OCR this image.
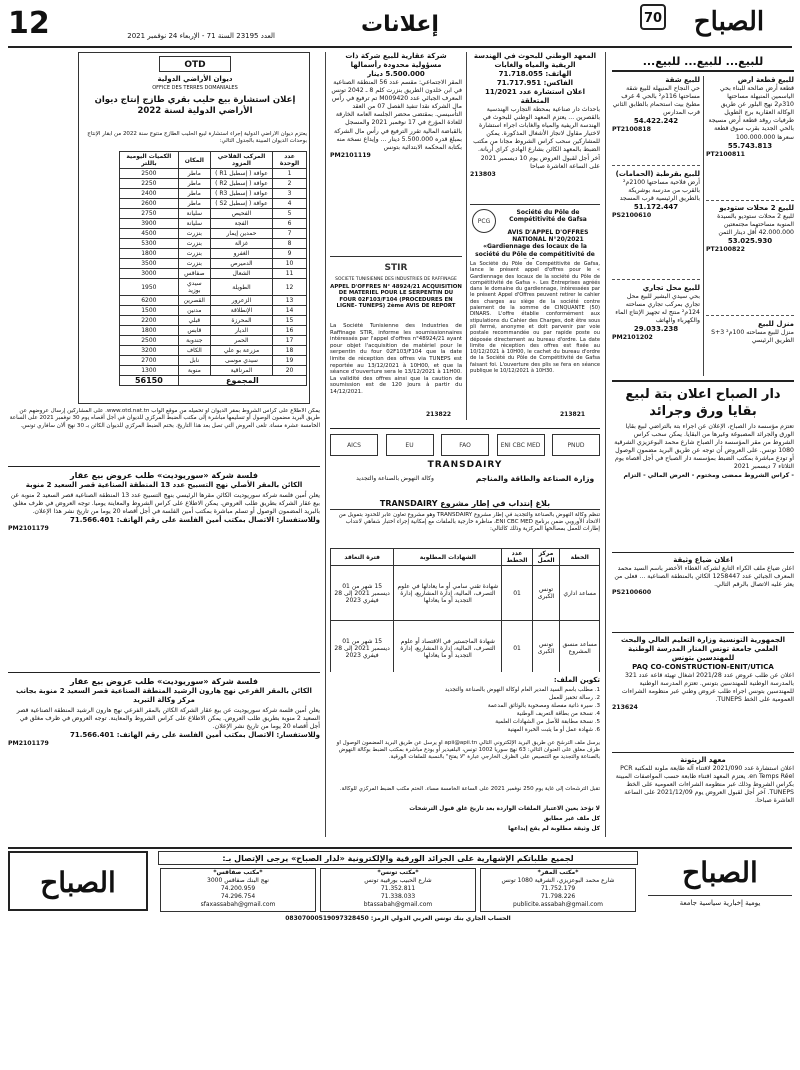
12	العدد 23195 السنة 71 - الإربعاء 24 نوفمبر 2021	إعلانات	70	الصباح
للبيع... للبيع... للبيع...
للبيع قطعة أرض
قطعة أرض صالحة للبناء بحي الياسمين المنيهلة مساحتها 310م2 نهج البلور عن طريق الوكالة العقارية برج الطويل طرفيات روقد قطعة أرض مسيجة بالحي الجديد بقرب سوق قطعة سعرها 100.000.000
55.743.813
PT2100811
للبيع 2 محلات ستوديو
للبيع 2 محلات ستوديو بالسيدة المنوبة مساحتهما مجتمعتين 42.000.000 أقل دينار الثمن
53.025.930
PT2100822
منزل للبيع
منزل للبيع مساحته 100م² S+3 الطريق الرئيسي
للبيع شقة
حي النجاح المنيهلة للبيع شقة مساحتها 116م² بالحي 4 غرف مطبخ بيت استحمام بالطابق الثاني قرب المدارس
54.422.242
PT2100818
للبيع بقرطبة (الحمامات)
أرض فلاحية مساحتها 2100م² بالقرب من مدرسة بوشريكة بالطريق الرئيسية قرب المسجد
51.172.447
PS2100610
للبيع محل تجاري
بحي سيدي البشير للبيع محل تجاري بمركب تجاري مساحته 124م² منتج له تجهيز الإنتاج الماء والكهرباء والهاتف
29.033.238
PM2101202
دار الصباح اعلان بتة لبيع بقايا ورق وجرائد
تعتزم مؤسسة دار الصباح، الإعلان عن اجراء بتة بالتراضي لبيع بقايا الورق والجرائد المصبوغة وغيرها من البقايا. يمكن سحب كراس الشروط من مقر المؤسسة دار الصباح شارع محمد البوعزيزي الشرقية 1080 تونس. على العروض أن توجه عن طريق البريد مضمون الوصول أو تودع مباشرة بمكتب الضبط بمؤسسة دار الصباح في أجل أقصاه يوم الثلاثاء 7 ديسمبر 2021
- كراس الشروط ممضى ومختوم - العرض المالي - التزام
اعلان ضياع وثيقة
اعلن ضياع ملف الكراء التابع لشركة الغطاء الأخضر باسم السيد محمد المعرف الجبائي عدد 1258447 الكائن بالمنطقة الصناعية ... فعلى من يعثر عليه الاتصال بالرقم التالي.
PS2100600
الجمهورية التونسية وزارة التعليم العالي والبحث العلمي جامعة تونس المنار المدرسة الوطنية للمهندسين بتونس
PAQ CO-CONSTRUCTION-ENIT/UTICA
اعلان عن طلب عروض عدد 2021/28 اشغال تهيئة قاعة عدد 321 بالمدرسة الوطنية للمهندسين بتونس. تعتزم المدرسة الوطنية للمهندسين بتونس اجراء طلب عروض وطني عبر منظومة الشراءات العمومية على الخط TUNEPS.
213624
معهد الزيتونة
اعلان استشارة عدد 2021/090 لاقتناء آلة طابعة ملونة للمكتبة PCR en Temps Réel. يعتزم المعهد اقتناء طابعة حسب المواصفات المبينة بكراس الشروط وذلك عبر منظومة الشراءات العمومية على الخط TUNEPS. آخر أجل لقبول العروض يوم 2021/12/09 على الساعة العاشرة صباحا.
المعهد الوطني للبحوث في الهندسة الريفية والمياه والغابات
الهاتف: 71.718.055
الفاكس: 71.717.951
اعلان استشارة عدد 11/2021 المتعلقة
باحداث دار صناعية بمحطة التجارب الهندسية بالقصرين ... يعتزم المعهد الوطني للبحوث في الهندسة الريفية والمياه والغابات اجراء استشارة لاختيار مقاول لانجاز الأشغال المذكورة. يمكن للمشاركين سحب كراس الشروط مجانا من مكتب الضبط بالمعهد الكائن بشارع الهادي كراي أريانة. آخر أجل لقبول العروض يوم 10 ديسمبر 2021 على الساعة العاشرة صباحا
213803
PCG
Société du Pôle de Compétitivité de Gafsa
AVIS D'APPEL D'OFFRES NATIONAL N°20/2021
«Gardiennage des locaux de la société du Pôle de compétitivité de
La Société du Pôle de Compétitivité de Gafsa, lance le présent appel d'offres pour le « Gardiennage des locaux de la société du Pôle de compétitivité de Gafsa ». Les Entreprises agréés dans le domaine du gardiennage, intéressées par le présent Appel d'Offres peuvent retirer le cahier des charges au siège de la société contre paiement de la somme de CINQUANTE (50) DINARS. L'offre établie conformément aux stipulations du Cahier des Charges, doit être sous pli fermé, anonyme et doit parvenir par voie postale recommandée ou par rapide poste ou déposée directement au bureau d'ordre. La date limite de réception des offres est fixée au 10/12/2021 à 10H00, le cachet du bureau d'ordre de la Société du Pôle de Compétitivité de Gafsa faisant foi. L'ouverture des plis se fera en séance publique le 10/12/2021 à 10H30.
213821
شركة عقارية للبيع شركة ذات مسؤولية محدودة رأسمالها 5.500.000 دينار
المقر الاجتماعي: مقسم عدد 56 المنطقة الصناعية في ابن خلدون الطريق بنزرت كلم 8 ـ 2042 تونس المعرف الجبائي عدد M009420 تم ترفيع في رأس مال الشركة نقدا تنفيذ الفصل 07 من العقد التأسيسي. بمقتضى محضر الجلسة العامة الخارقة للعادة المؤرخ في 17 نوفمبر 2021 والمسجل بالقباضة المالية تقرر الترفيع في رأس مال الشركة بمبلغ قدره 5.500.000 دينار ... وإيداع نسخة منه بكتابة المحكمة الابتدائية بتونس
PM2101119
STIR
SOCIETE TUNISIENNE DES INDUSTRIES DE RAFFINAGE
APPEL D'OFFRES N° 48924/21 ACQUISITION DE MATERIEL POUR LE SERPENTIN DU FOUR 02F103/F104 (PROCEDURES EN LIGNE- TUNEPS) 2ème AVIS DE REPORT
La Société Tunisienne des Industries de Raffinage STIR, informe les soumissionnaires intéressés par l'appel d'offres n°48924/21 ayant pour objet l'acquisition de matériel pour le serpentin du four 02F103/F104 que la date limite de réception des offres via TUNEPS est reportée au 13/12/2021 à 10H00, et que la séance d'ouverture sera le 13/12/2021 à 11H00. La validité des offres ainsi que la caution de soumission est de 120 jours à partir du 14/12/2021.
213822
OTD
ديوان الأراضي الدولية
OFFICE DES TERRES DOMANIALES
إعلان استشارة بيع حليب بقري طازج إنتاج ديوان الأراضي الدولية لسنة 2022
يعتزم ديوان الأراضي الدولية إجراء استشارة لبيع الحليب الطازج منتوج سنة 2022 من أبقار الإنتاج بوحدات الديوان المبينة بالجدول التالي:
عدد الوحدة	المركب الفلاحي المزود	المكان	الكميات اليومية باللتر
1	عوافة ( إسطبل R1 )	ماطر	2500
2	عوافة ( إسطبل R2 )	ماطر	2250
3	عوافة ( إسطبل R3 )	ماطر	2400
4	عوافة ( إسطبل S2 )	ماطر	2600
5	الفحيص	سليانة	2750
6	الفجة	سليانة	3900
7	حمدين إيمار	بنزرت	4500
8	غزالة	بنزرت	5300
9	الغفرو	بنزرت	1800
10	الدميرص	بنزرت	3500
11	الشعال	صفاقس	3000
12	الطويلة	سيدي بوزيد	1950
13	الزعرور	القصرين	6200
14	الإنطلاقة	مدنين	1500
15	المحرزة	قبلي	2200
16	الديار	قابس	1800
17	الحمر	جندوبة	2500
18	مزرعة بو علي	الكاف	3200
19	سيدي موسى	نابل	2700
20	المرناقية	منوبة	1300
المجموع			56150
يمكن الاطلاع على كراس الشروط بمقر الديوان أو تحميله من موقع الواب www.otd.nat.tn. على المشاركين إرسال عروضهم عن طريق البريد مضمون الوصول أو تسليمها مباشرة إلى مكتب الضبط المركزي للديوان في أجل أقصاه يوم 30 نوفمبر 2021 على الساعة الخامسة عشرة مساء. تلغى العروض التي تصل بعد هذا التاريخ. بختم الضبط المركزي للديوان الكائن بـ 30 نهج ألان سافاري تونس.
فلسة شركة «سوريوديت» طلب عروض بيع عقار
الكائن بالمقر الأصلي نهج التسبيح عدد 13 المنطقة الصناعية قصر السعيد 2 منوبة
يعلن أمين فلسة شركة سوريوديت الكائن مقرها الرئيسي بنهج التسبيح عدد 13 المنطقة الصناعية قصر السعيد 2 منوبة عن بيع عقار الشركة بطريق طلب العروض. يمكن الاطلاع على كراس الشروط والمعاينة يوميا. توجه العروض في ظرف مغلق بالبريد المضمون الوصول أو تسلم مباشرة بمكتب أمين الفلسة في أجل أقصاه 20 يوما من تاريخ نشر هذا الإعلان.
وللاستفسار: الاتصال بمكتب أمين الفلسة على رقم الهاتف: 71.566.401
PM2101179
فلسة شركة «سوريوديت» طلب عروض بيع عقار
الكائن بالمقر الفرعي نهج هارون الرشيد المنطقة الصناعية قصر السعيد 2 منوبة بجانب مركز وكالة التبريد
يعلن أمين فلسة شركة سوريوديت عن بيع عقار الشركة الكائن بالمقر الفرعي نهج هارون الرشيد المنطقة الصناعية قصر السعيد 2 منوبة بطريق طلب العروض. يمكن الاطلاع على كراس الشروط والمعاينة. توجه العروض في ظرف مغلق في أجل أقصاه 20 يوما من تاريخ نشر الإعلان.
وللاستفسار: الاتصال بمكتب أمين الفلسة على رقم الهاتف: 71.566.401
PM2101179
AICS	EU	FAO	ENI CBC MED	PNUD
TRANSDAIRY
وزارة الصناعة والطاقة والمناجم
وكالة النهوض بالصناعة والتجديد
بلاغ إنتداب في إطار مشروع TRANSDAIRY
تنظم وكالة النهوض بالصناعة والتجديد في إطار مشروع TRANSDAIRY وهو مشروع تعاون عابر للحدود بتمويل من الاتحاد الأوروبي ضمن برنامج ENI CBC MED، مناظرة خارجية بالملفات مع إمكانية إجراء اختبار شفاهي لانتداب إطارات للعمل بمصالحها المركزية وذلك كالتالي:
الخطة	مركز العمل	عدد الخطط	الشهادات المطلوبة	فترة التعاقد
مساعد اداري	تونس الكبرى	01	شهادة تقني سامي أو ما يعادلها في علوم التصرف، المالية، إدارة المشاريع، إدارة التجديد أو ما يعادلها	15 شهر من 01 ديسمبر 2021 إلى 28 فيفري 2023
مساعد منسق المشروع	تونس الكبرى	01	شهادة الماجستير في الاقتصاد أو علوم التصرف، المالية، إدارة المشاريع، إدارة التجديد أو ما يعادلها	15 شهر من 01 ديسمبر 2021 إلى 28 فيفري 2023
تكوين الملف:
1. مطلب باسم السيد المدير العام لوكالة النهوض بالصناعة والتجديد
2. رسالة تحفيز للعمل
3. سيرة ذاتية مفصلة ومصحوبة بالوثائق المدعمة
4. نسخة من بطاقة التعريف الوطنية
5. نسخة مطابقة للأصل من الشهادات العلمية
6. شهادة عمل أو ما يثبت الخبرة المهنية
يرسل ملف الترشح عن طريق البريد الإلكتروني التالي apii@apii.tn أو يرسل عن طريق البريد المضمون الوصول أو ظرف مغلق على العنوان التالي: 63 نهج سوريا 1002 تونس، البلفيدير أو يودع مباشرة بمكتب الضبط بوكالة النهوض بالصناعة والتجديد مع التنصيص على الظرف الخارجي عبارة "لا يفتح" بالنسبة للملفات الورقية.
تقبل الترشحات إلى غاية يوم 250 نوفمبر 2021 على الساعة الخامسة مساء. الختم مكتب الضبط المركزي للوكالة.
لا تؤخذ بعين الاعتبار الملفات الواردة بعد تاريخ غلق قبول الترشحات
كل ملف غير مطابق
كل وثيقة مطلوبة لم يقع إيداعها
لجميع طلباتكم الإشهارية على الجرائد الورقية والإلكترونية «لدار الصباح» يرجى الإتصال بـ:
الصباح	الصباح
يومية إخبارية سياسية جامعة
*مكتب المقر*
شارع محمد البوعزيزي، الشرقية 1080 تونس
71.752.179
71.798.226
publicite.assabah@gmail.com
*مكتب تونس*
شارع الحبيب بورقيبة تونس
71.352.811
71.338.033
btassabah@gmail.com
*مكتب صفاقس*
نهج البنك صفاقس 3000
74.200.959
74.296.754
sfaxassabah@gmail.com
الحساب الجاري بنك تونس العربي الدولي الرمز: 08307000519097328450
